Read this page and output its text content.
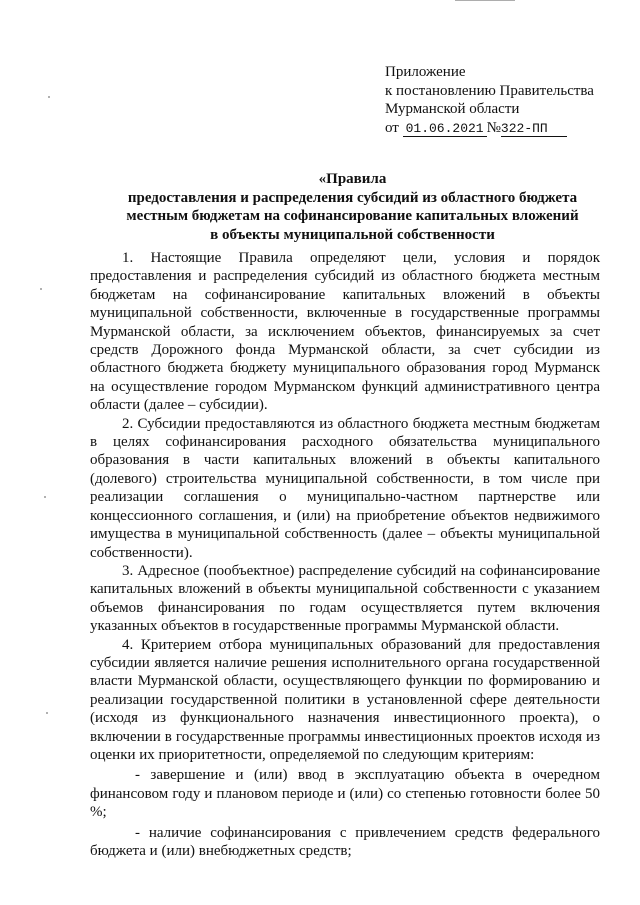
Приложение
к постановлению Правительства
Мурманской области
от 01.06.2021 №322-ПП
«Правила
предоставления и распределения субсидий из областного бюджета
местным бюджетам на софинансирование капитальных вложений
в объекты муниципальной собственности

1. Настоящие Правила определяют цели, условия и порядок предоставления и распределения субсидий из областного бюджета местным бюджетам на софинансирование капитальных вложений в объекты муниципальной собственности, включенные в государственные программы Мурманской области, за исключением объектов, финансируемых за счет средств Дорожного фонда Мурманской области, за счет субсидии из областного бюджета бюджету муниципального образования город Мурманск на осуществление городом Мурманском функций административного центра области (далее – субсидии).

2. Субсидии предоставляются из областного бюджета местным бюджетам в целях софинансирования расходного обязательства муниципального образования в части капитальных вложений в объекты капитального (долевого) строительства муниципальной собственности, в том числе при реализации соглашения о муниципально-частном партнерстве или концессионного соглашения, и (или) на приобретение объектов недвижимого имущества в муниципальной собственность (далее – объекты муниципальной собственности).

3. Адресное (пообъектное) распределение субсидий на софинансирование капитальных вложений в объекты муниципальной собственности с указанием объемов финансирования по годам осуществляется путем включения указанных объектов в государственные программы Мурманской области.

4. Критерием отбора муниципальных образований для предоставления субсидии является наличие решения исполнительного органа государственной власти Мурманской области, осуществляющего функции по формированию и реализации государственной политики в установленной сфере деятельности (исходя из функционального назначения инвестиционного проекта), о включении в государственные программы инвестиционных проектов исходя из оценки их приоритетности, определяемой по следующим критериям:

- завершение и (или) ввод в эксплуатацию объекта в очередном финансовом году и плановом периоде и (или) со степенью готовности более 50 %;

- наличие софинансирования с привлечением средств федерального бюджета и (или) внебюджетных средств;
